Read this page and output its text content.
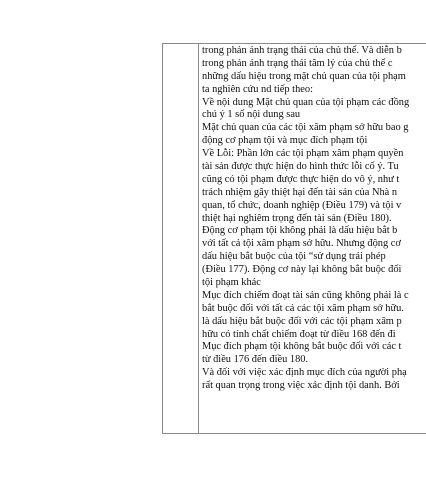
trong phản ánh trạng thái của chủ thể. Và diễn b
trong phản ánh trạng thái tâm lý của chủ thể c
những dấu hiệu trong mặt chủ quan của tội phạm
ta nghiên cứu nd tiếp theo:
Về nội dung Mặt chủ quan của tội phạm các đồng
chú ý 1 số nội dung sau
Mặt chủ quan của các tội xâm phạm sở hữu bao g
động cơ phạm tội và mục đích phạm tội
Về Lỗi: Phần lớn các tội phạm xâm phạm quyền
tài sản được thực hiện do hình thức lỗi cố ý. Tu
cũng có tội phạm được thực hiện do vô ý, như t
trách nhiệm gây thiệt hại đến tài sản của Nhà n
quan, tổ chức, doanh nghiệp (Điều 179) và tội v
thiệt hại nghiêm trọng đến tài sản (Điều 180).
Động cơ phạm tội không phải là dấu hiệu bắt b
với tất cả tội xâm phạm sở hữu. Nhưng động cơ
dấu hiệu bắt buộc của tội “sử dụng trái phép
(Điều 177). Động cơ này lại không bắt buộc đối
tội phạm khác
Mục đích chiếm đoạt tài sản cũng không phải là c
bắt buộc đối với tất cả các tội xâm phạm sở hữu.
là dấu hiệu bắt buộc đối với các tội phạm xâm p
hữu có tính chất chiếm đoạt từ điều 168 đến đi
Mục đích phạm tội không bắt buộc đối với các t
từ điều 176 đến điều 180.
Và đối với việc xác định mục đích của người phạ
rất quan trọng trong việc xác định tội danh. Bởi
